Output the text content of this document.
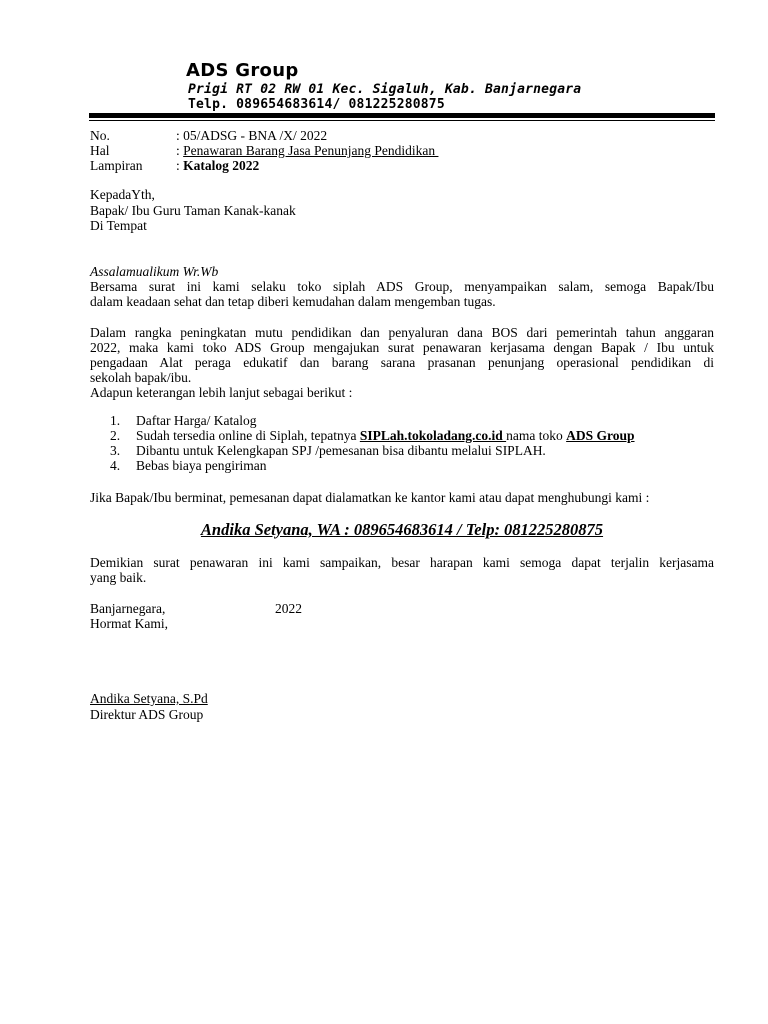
ADS Group
Prigi RT 02 RW 01 Kec. Sigaluh, Kab. Banjarnegara
Telp. 089654683614/ 081225280875
No.	: 05/ADSG - BNA /X/ 2022
Hal	: Penawaran Barang Jasa Penunjang Pendidikan
Lampiran : Katalog 2022
KepadaYth,
Bapak/ Ibu Guru Taman Kanak-kanak
Di Tempat
Assalamualikum Wr.Wb
Bersama surat ini kami selaku toko siplah ADS Group, menyampaikan salam, semoga Bapak/Ibu
dalam keadaan sehat dan tetap diberi kemudahan dalam mengemban tugas.
Dalam rangka peningkatan mutu pendidikan dan penyaluran dana BOS dari pemerintah tahun anggaran
2022, maka kami toko ADS Group mengajukan surat penawaran kerjasama dengan Bapak / Ibu untuk
pengadaan Alat peraga edukatif dan barang sarana prasanan penunjang operasional pendidikan di
sekolah bapak/ibu.
Adapun keterangan lebih lanjut sebagai berikut :
1. Daftar Harga/ Katalog
2. Sudah tersedia online di Siplah, tepatnya SIPLah.tokoladang.co.id nama toko ADS Group
3. Dibantu untuk Kelengkapan SPJ /pemesanan bisa dibantu melalui SIPLAH.
4. Bebas biaya pengiriman
Jika Bapak/Ibu berminat, pemesanan dapat dialamatkan ke kantor kami atau dapat menghubungi kami :
Andika Setyana, WA : 089654683614 / Telp: 081225280875
Demikian surat penawaran ini kami sampaikan, besar harapan kami semoga dapat terjalin kerjasama
yang baik.
Banjarnegara,	2022
Hormat Kami,
Andika Setyana, S.Pd
Direktur ADS Group
